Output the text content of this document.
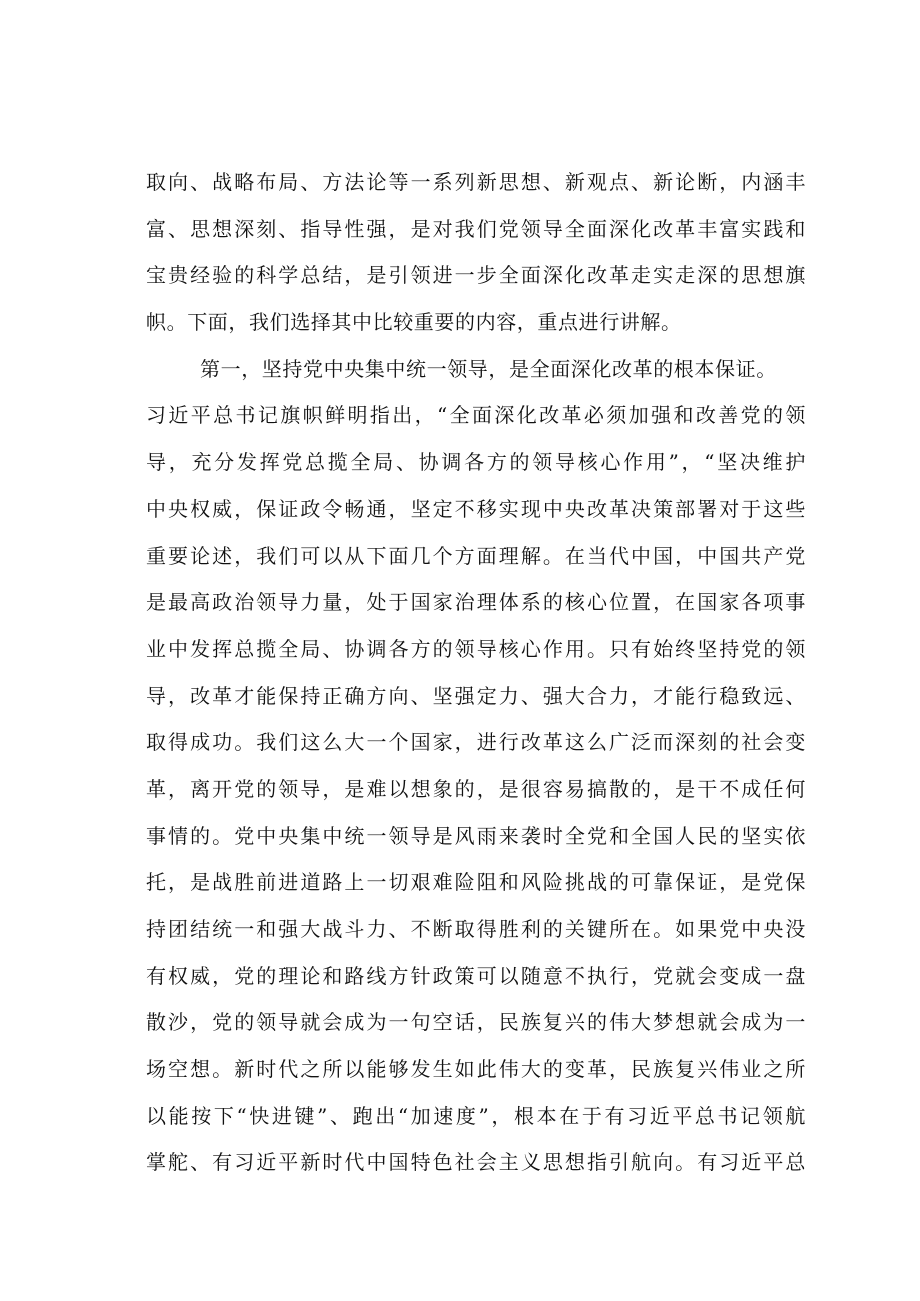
取向、战略布局、方法论等一系列新思想、新观点、新论断，内涵丰
富、思想深刻、指导性强，是对我们党领导全面深化改革丰富实践和
宝贵经验的科学总结，是引领进一步全面深化改革走实走深的思想旗
帜。下面，我们选择其中比较重要的内容，重点进行讲解。
第一，坚持党中央集中统一领导，是全面深化改革的根本保证。
习近平总书记旗帜鲜明指出，“全面深化改革必须加强和改善党的领
导，充分发挥党总揽全局、协调各方的领导核心作用”，“坚决维护
中央权威，保证政令畅通，坚定不移实现中央改革决策部署对于这些
重要论述，我们可以从下面几个方面理解。在当代中国，中国共产党
是最高政治领导力量，处于国家治理体系的核心位置，在国家各项事
业中发挥总揽全局、协调各方的领导核心作用。只有始终坚持党的领
导，改革才能保持正确方向、坚强定力、强大合力，才能行稳致远、
取得成功。我们这么大一个国家，进行改革这么广泛而深刻的社会变
革，离开党的领导，是难以想象的，是很容易搞散的，是干不成任何
事情的。党中央集中统一领导是风雨来袭时全党和全国人民的坚实依
托，是战胜前进道路上一切艰难险阻和风险挑战的可靠保证，是党保
持团结统一和强大战斗力、不断取得胜利的关键所在。如果党中央没
有权威，党的理论和路线方针政策可以随意不执行，党就会变成一盘
散沙，党的领导就会成为一句空话，民族复兴的伟大梦想就会成为一
场空想。新时代之所以能够发生如此伟大的变革，民族复兴伟业之所
以能按下“快进键”、跑出“加速度”，根本在于有习近平总书记领航
掌舵、有习近平新时代中国特色社会主义思想指引航向。有习近平总
